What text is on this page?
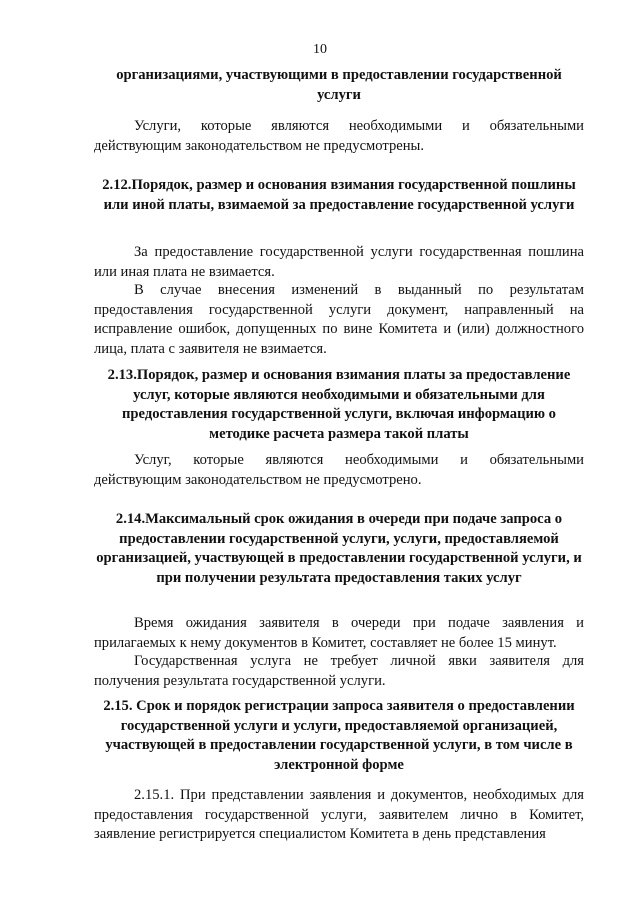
10
организациями, участвующими в предоставлении государственной услуги

Услуги, которые являются необходимыми и обязательными действующим законодательством не предусмотрены.

2.12.Порядок, размер и основания взимания государственной пошлины или иной платы, взимаемой за предоставление государственной услуги

За предоставление государственной услуги государственная пошлина или иная плата не взимается.

В случае внесения изменений в выданный по результатам предоставления государственной услуги документ, направленный на исправление ошибок, допущенных по вине Комитета и (или) должностного лица, плата с заявителя не взимается.

2.13.Порядок, размер и основания взимания платы за предоставление услуг, которые являются необходимыми и обязательными для предоставления государственной услуги, включая информацию о методике расчета размера такой платы

Услуг, которые являются необходимыми и обязательными действующим законодательством не предусмотрено.

2.14.Максимальный срок ожидания в очереди при подаче запроса о предоставлении государственной услуги, услуги, предоставляемой организацией, участвующей в предоставлении государственной услуги, и при получении результата предоставления таких услуг

Время ожидания заявителя в очереди при подаче заявления и прилагаемых к нему документов в Комитет, составляет не более 15 минут.

Государственная услуга не требует личной явки заявителя для получения результата государственной услуги.

2.15. Срок и порядок регистрации запроса заявителя о предоставлении государственной услуги и услуги, предоставляемой организацией, участвующей в предоставлении государственной услуги, в том числе в электронной форме

2.15.1. При представлении заявления и документов, необходимых для предоставления государственной услуги, заявителем лично в Комитет, заявление регистрируется специалистом Комитета в день представления
